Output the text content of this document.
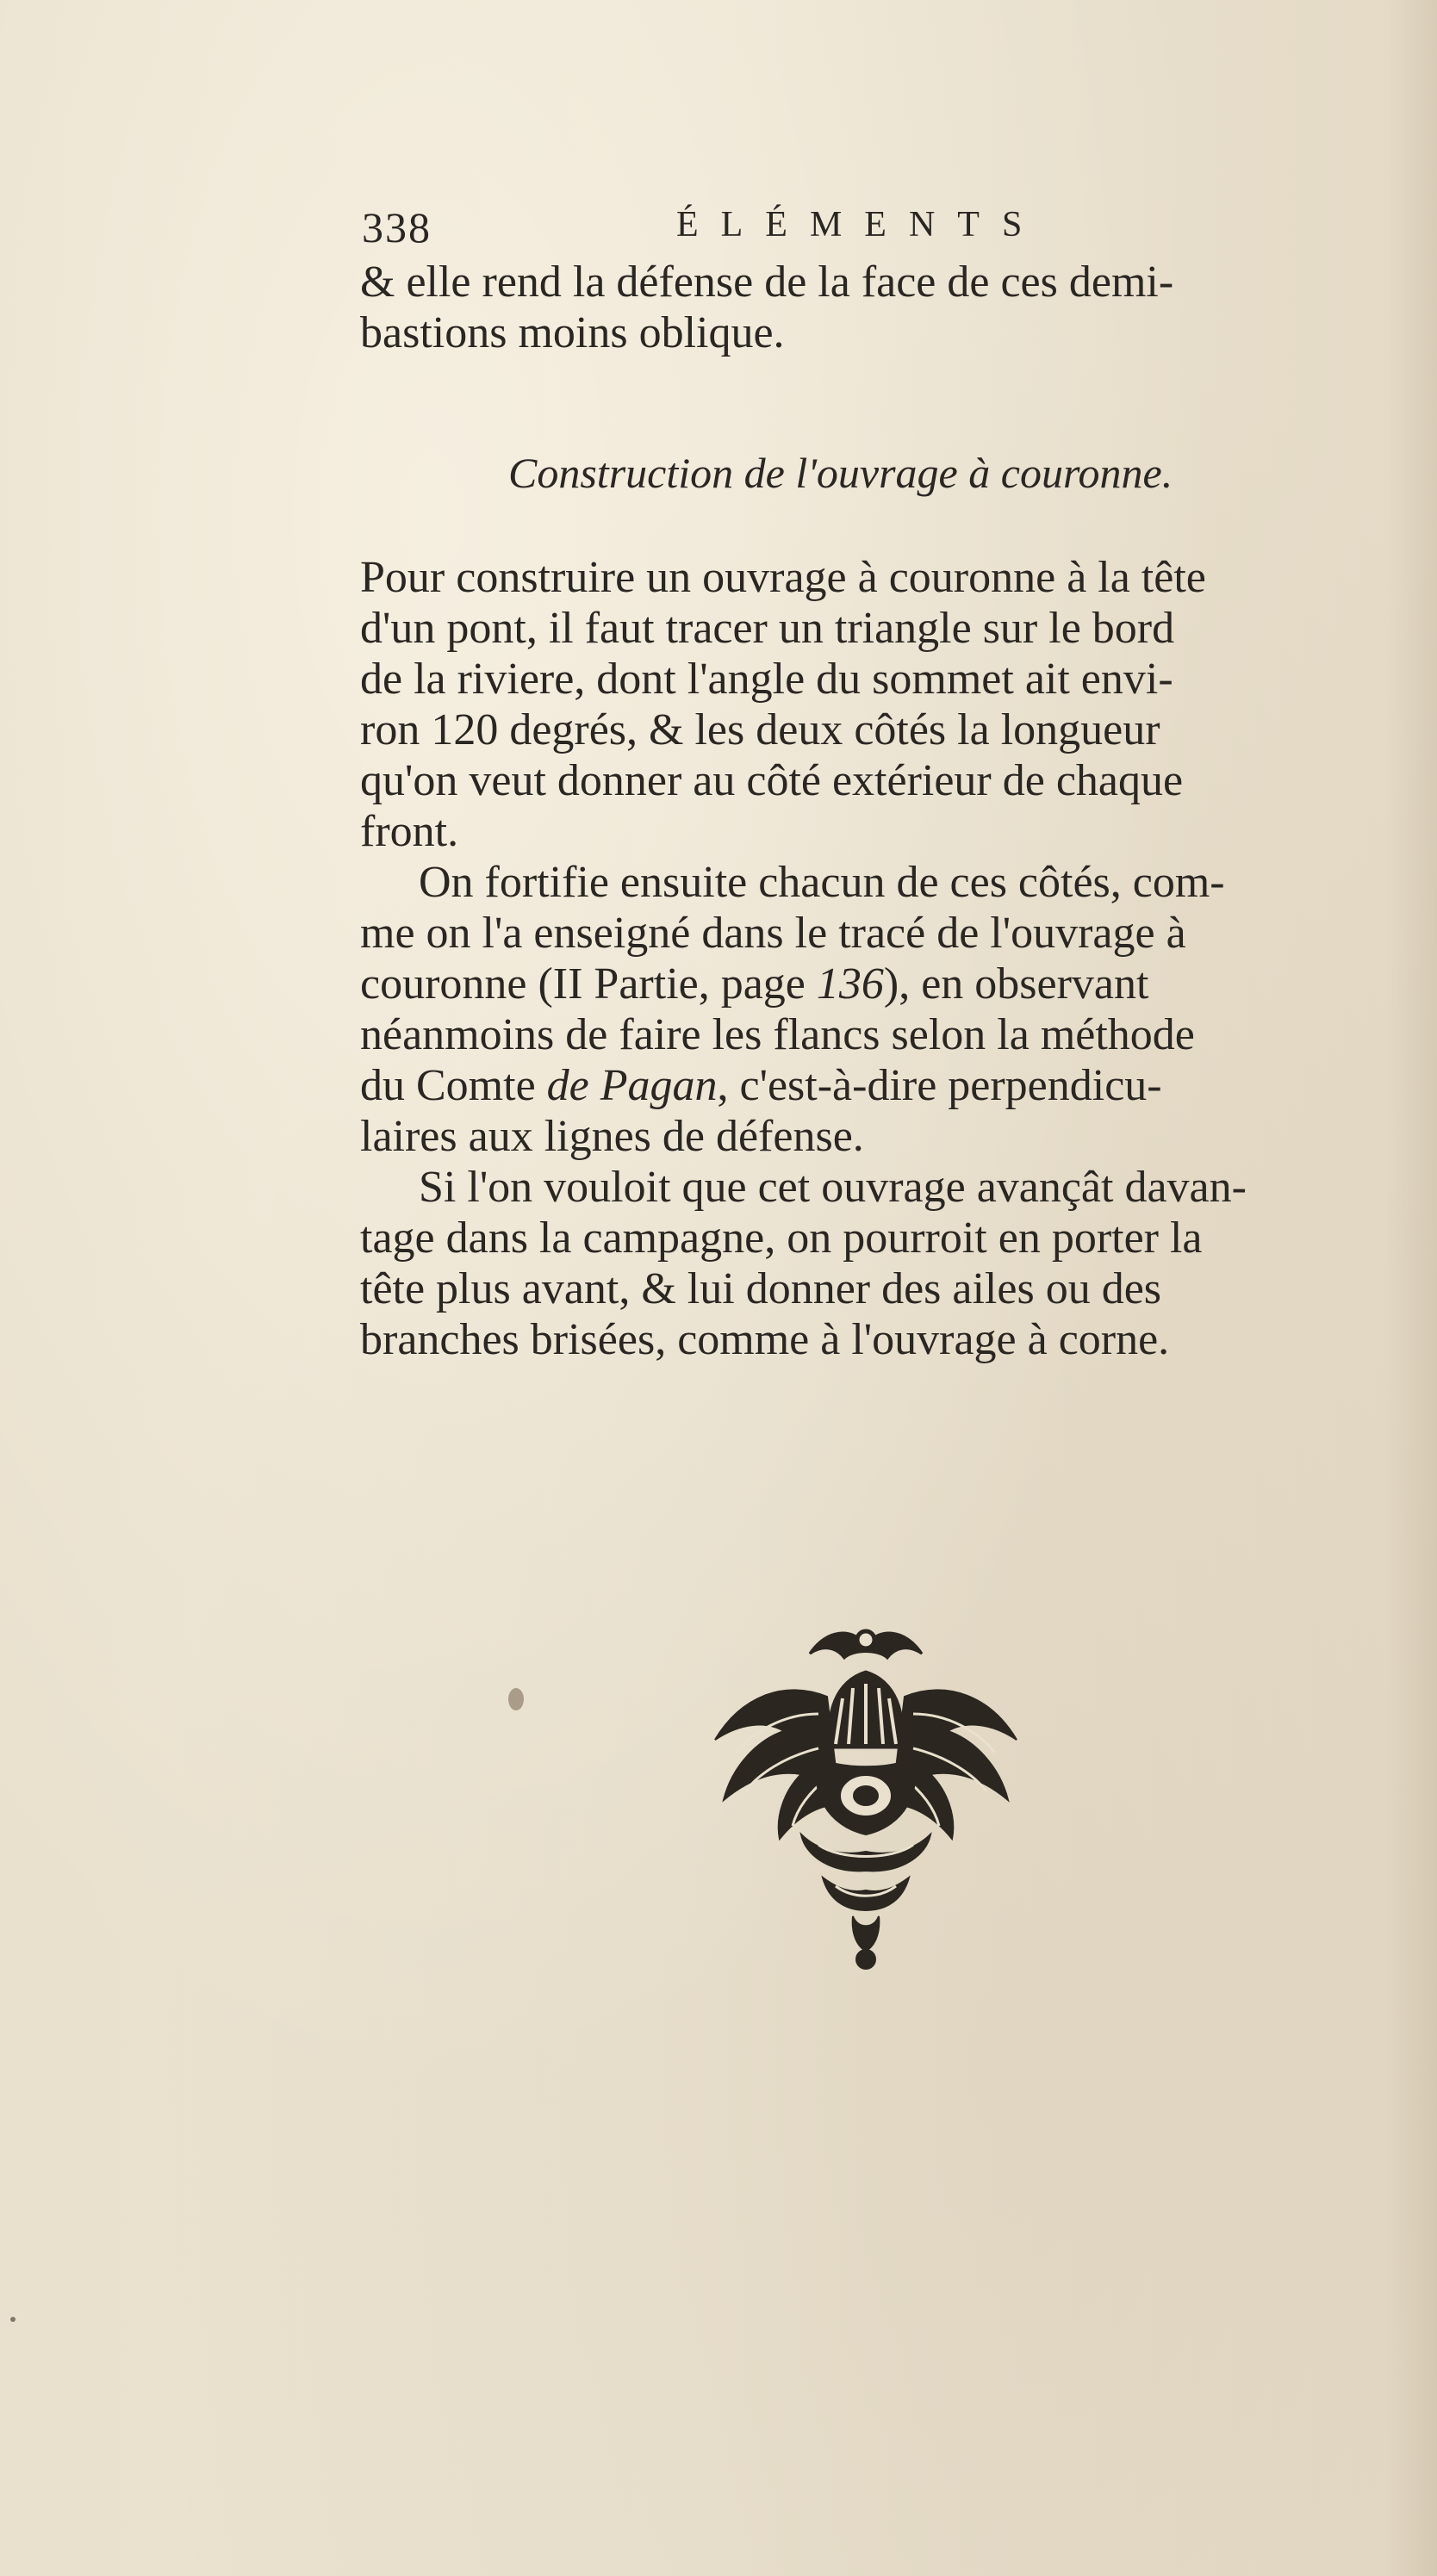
338	ÉLÉMENTS
& elle rend la défense de la face de ces demi-
bastions moins oblique.
Construction de l'ouvrage à couronne.
Pour construire un ouvrage à couronne à la tête
d'un pont, il faut tracer un triangle sur le bord
de la riviere, dont l'angle du sommet ait envi-
ron 120 degrés, & les deux côtés la longueur
qu'on veut donner au côté extérieur de chaque
front.
On fortifie ensuite chacun de ces côtés, com-
me on l'a enseigné dans le tracé de l'ouvrage à
couronne (II Partie, page 136), en observant
néanmoins de faire les flancs selon la méthode
du Comte de Pagan, c'est-à-dire perpendicu-
laires aux lignes de défense.
Si l'on vouloit que cet ouvrage avançât davan-
tage dans la campagne, on pourroit en porter la
tête plus avant, & lui donner des ailes ou des
branches brisées, comme à l'ouvrage à corne.
